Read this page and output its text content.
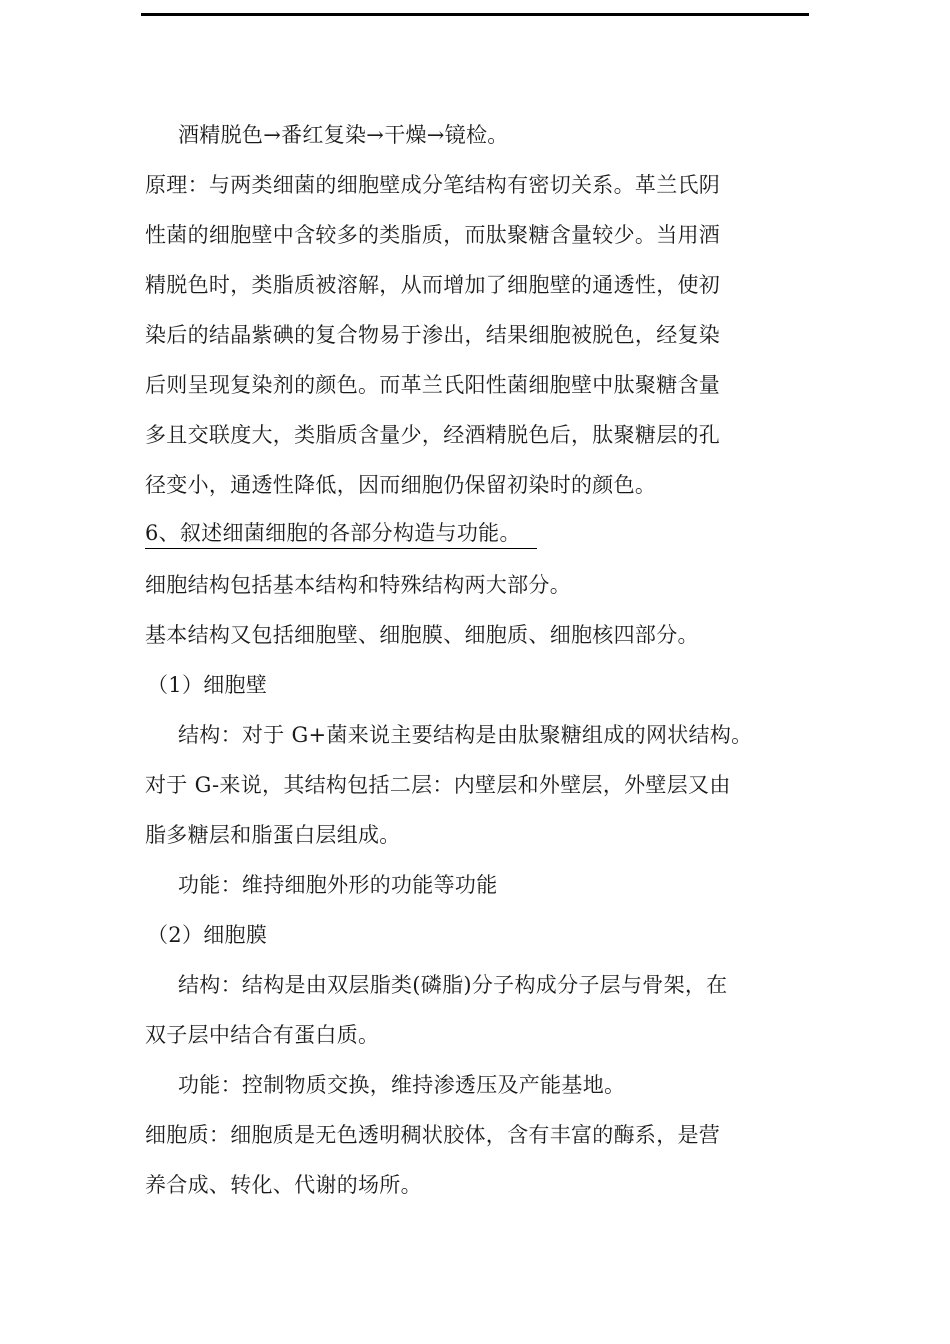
酒精脱色→番红复染→干燥→镜检。
原理：与两类细菌的细胞壁成分笔结构有密切关系。革兰氏阴
性菌的细胞壁中含较多的类脂质，而肽聚糖含量较少。当用酒
精脱色时，类脂质被溶解，从而增加了细胞壁的通透性，使初
染后的结晶紫碘的复合物易于渗出，结果细胞被脱色，经复染
后则呈现复染剂的颜色。而革兰氏阳性菌细胞壁中肽聚糖含量
多且交联度大，类脂质含量少，经酒精脱色后，肽聚糖层的孔
径变小，通透性降低，因而细胞仍保留初染时的颜色。
6、叙述细菌细胞的各部分构造与功能。
细胞结构包括基本结构和特殊结构两大部分。
基本结构又包括细胞壁、细胞膜、细胞质、细胞核四部分。
（1）细胞壁
结构：对于 G+菌来说主要结构是由肽聚糖组成的网状结构。
对于 G-来说，其结构包括二层：内壁层和外壁层，外壁层又由
脂多糖层和脂蛋白层组成。
功能：维持细胞外形的功能等功能
（2）细胞膜
结构：结构是由双层脂类(磷脂)分子构成分子层与骨架，在
双子层中结合有蛋白质。
功能：控制物质交换，维持渗透压及产能基地。
细胞质：细胞质是无色透明稠状胶体，含有丰富的酶系，是营
养合成、转化、代谢的场所。
